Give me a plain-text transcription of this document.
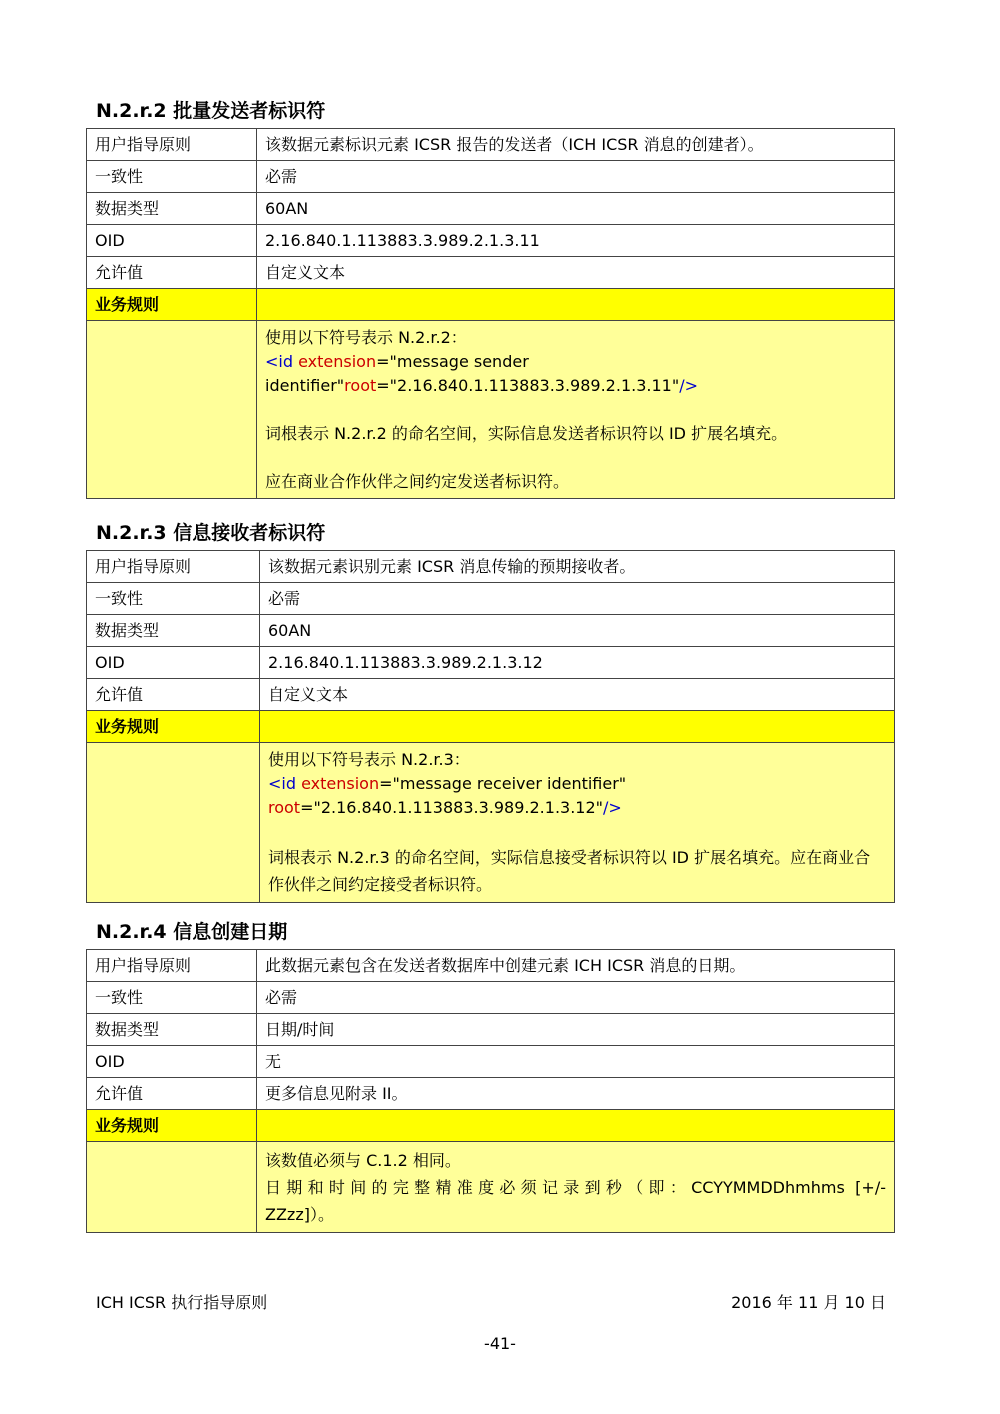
N.2.r.2 批量发送者标识符
用户指导原则	该数据元素标识元素 ICSR 报告的发送者（ICH ICSR 消息的创建者）。
一致性	必需
数据类型	60AN
OID	2.16.840.1.113883.3.989.2.1.3.11
允许值	自定义文本
业务规则	

	使用以下符号表示 N.2.r.2：

<id extension="message sender
identifier"root="2.16.840.1.113883.3.989.2.1.3.11"/>

词根表示 N.2.r.2 的命名空间，实际信息发送者标识符以 ID 扩展名填充。

应在商业合作伙伴之间约定发送者标识符。

N.2.r.3 信息接收者标识符
用户指导原则	该数据元素识别元素 ICSR 消息传输的预期接收者。
一致性	必需
数据类型	60AN
OID	2.16.840.1.113883.3.989.2.1.3.12
允许值	自定义文本
业务规则	

	使用以下符号表示 N.2.r.3：

<id extension="message receiver identifier"
root="2.16.840.1.113883.3.989.2.1.3.12"/>

词根表示 N.2.r.3 的命名空间，实际信息接受者标识符以 ID 扩展名填充。应在商业合作伙伴之间约定接受者标识符。

N.2.r.4 信息创建日期
用户指导原则	此数据元素包含在发送者数据库中创建元素 ICH ICSR 消息的日期。
一致性	必需
数据类型	日期/时间
OID	无
允许值	更多信息见附录 II。
业务规则	

	该数值必须与 C.1.2 相同。

日期和时间的完整精准度必须记录到秒（即：CCYYMMDDhmhms [+/-

ZZzz]）。

ICH ICSR 执行指导原则	2016 年 11 月 10 日
-41-
